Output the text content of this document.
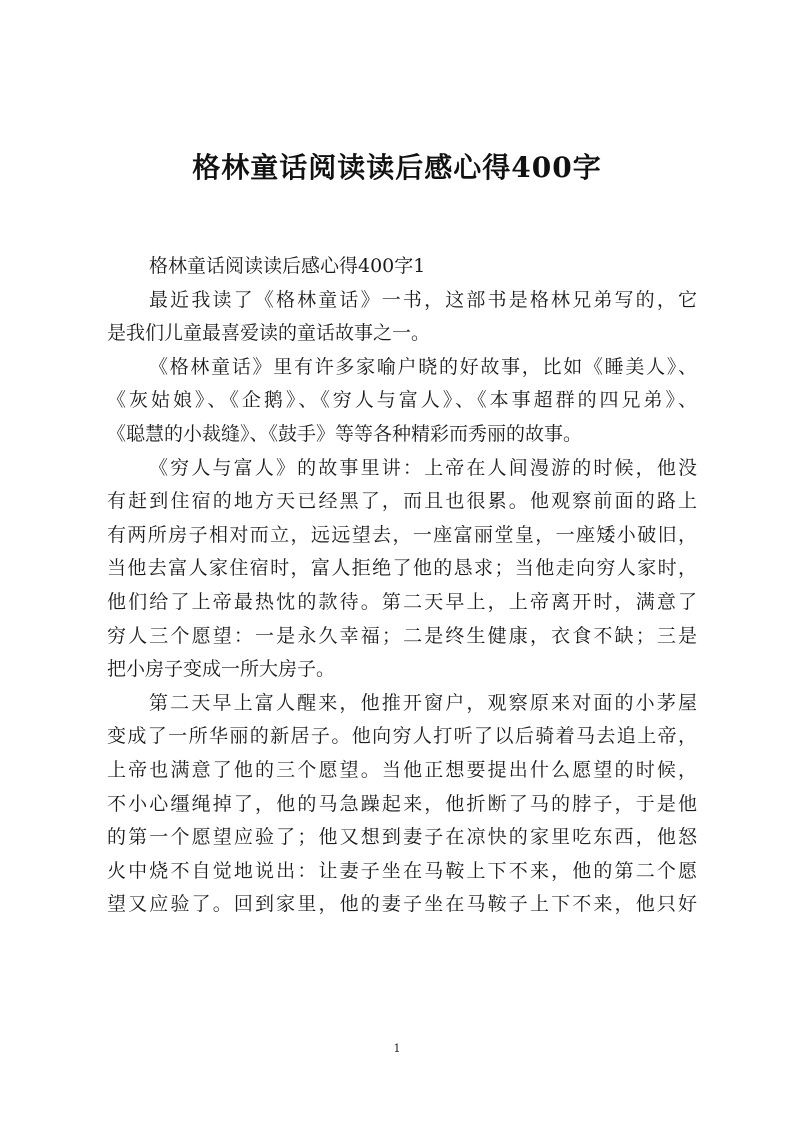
格林童话阅读读后感心得400字
格林童话阅读读后感心得400字1
最近我读了《格林童话》一书，这部书是格林兄弟写的，它
是我们儿童最喜爱读的童话故事之一。
《格林童话》里有许多家喻户晓的好故事，比如《睡美人》、
《灰姑娘》、《企鹅》、《穷人与富人》、《本事超群的四兄弟》、
《聪慧的小裁缝》、《鼓手》等等各种精彩而秀丽的故事。
《穷人与富人》的故事里讲：上帝在人间漫游的时候，他没
有赶到住宿的地方天已经黑了，而且也很累。他观察前面的路上
有两所房子相对而立，远远望去，一座富丽堂皇，一座矮小破旧，
当他去富人家住宿时，富人拒绝了他的恳求；当他走向穷人家时，
他们给了上帝最热忱的款待。第二天早上，上帝离开时，满意了
穷人三个愿望：一是永久幸福；二是终生健康，衣食不缺；三是
把小房子变成一所大房子。
第二天早上富人醒来，他推开窗户，观察原来对面的小茅屋
变成了一所华丽的新居子。他向穷人打听了以后骑着马去追上帝，
上帝也满意了他的三个愿望。当他正想要提出什么愿望的时候，
不小心缰绳掉了，他的马急躁起来，他折断了马的脖子，于是他
的第一个愿望应验了；他又想到妻子在凉快的家里吃东西，他怒
火中烧不自觉地说出：让妻子坐在马鞍上下不来，他的第二个愿
望又应验了。回到家里，他的妻子坐在马鞍子上下不来，他只好
1
